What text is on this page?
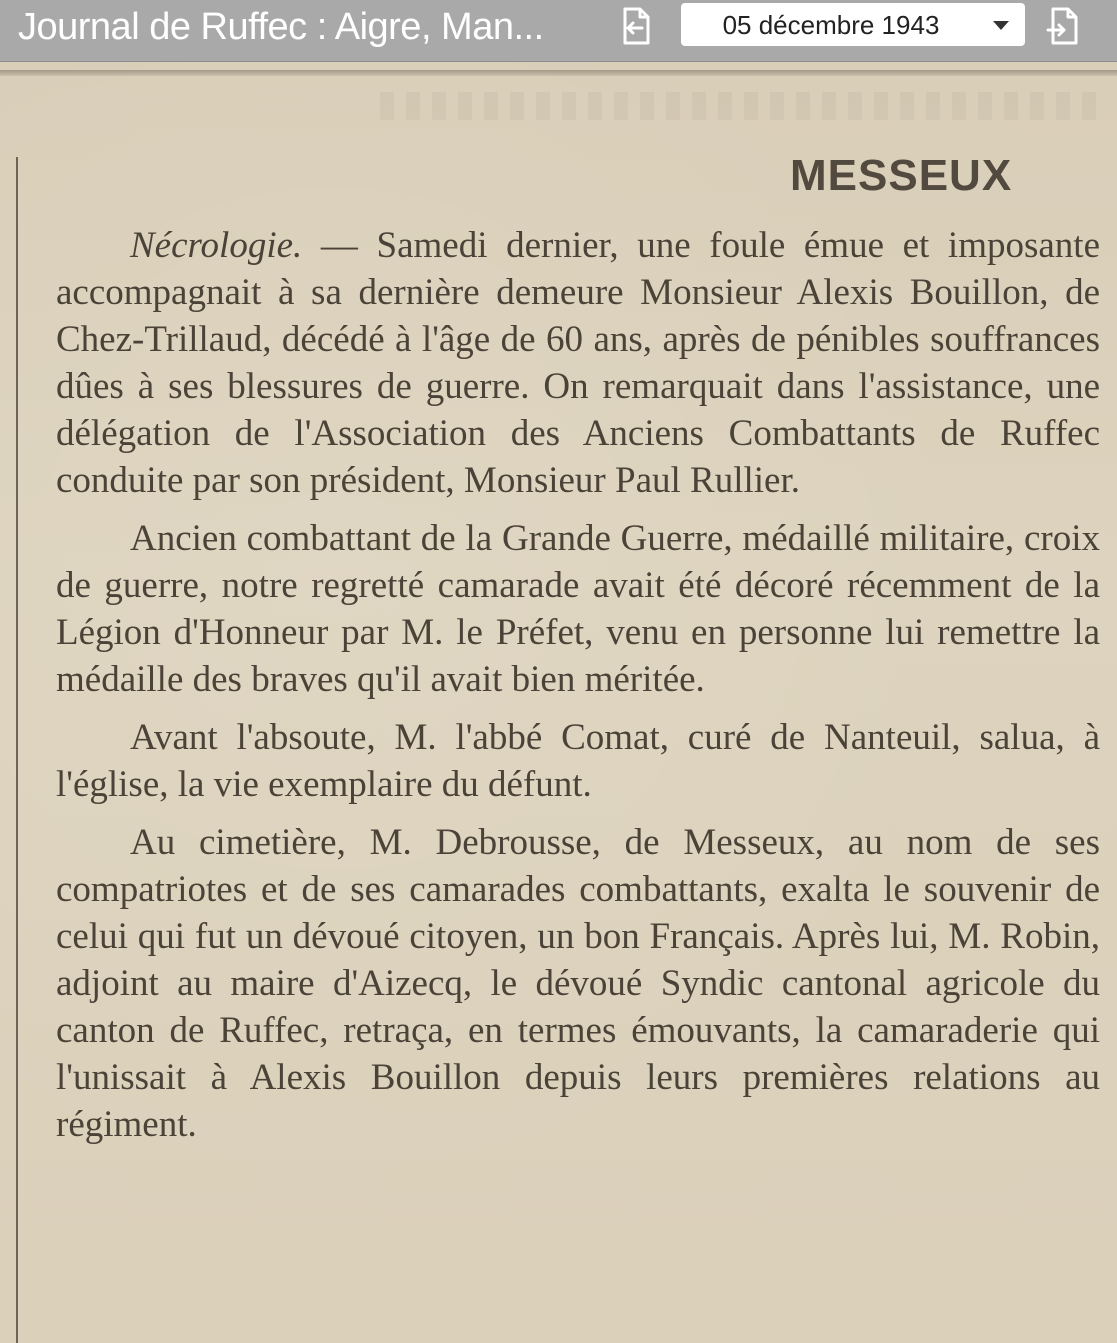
Journal de Ruffec : Aigre, Man...	05 décembre 1943
MESSEUX

Nécrologie. — Samedi dernier, une foule émue et imposante accompagnait à sa dernière demeure Monsieur Alexis Bouillon, de Chez-Trillaud, décédé à l'âge de 60 ans, après de pénibles souffrances dûes à ses blessures de guerre. On remarquait dans l'assistance, une délégation de l'Association des Anciens Combattants de Ruffec conduite par son président, Monsieur Paul Rullier.

Ancien combattant de la Grande Guerre, médaillé militaire, croix de guerre, notre regretté camarade avait été décoré récemment de la Légion d'Honneur par M. le Préfet, venu en personne lui remettre la médaille des braves qu'il avait bien méritée.

Avant l'absoute, M. l'abbé Comat, curé de Nanteuil, salua, à l'église, la vie exemplaire du défunt.

Au cimetière, M. Debrousse, de Messeux, au nom de ses compatriotes et de ses camarades combattants, exalta le souvenir de celui qui fut un dévoué citoyen, un bon Français. Après lui, M. Robin, adjoint au maire d'Aizecq, le dévoué Syndic cantonal agricole du canton de Ruffec, retraça, en termes émouvants, la camaraderie qui l'unissait à Alexis Bouillon depuis leurs premières relations au régiment.
